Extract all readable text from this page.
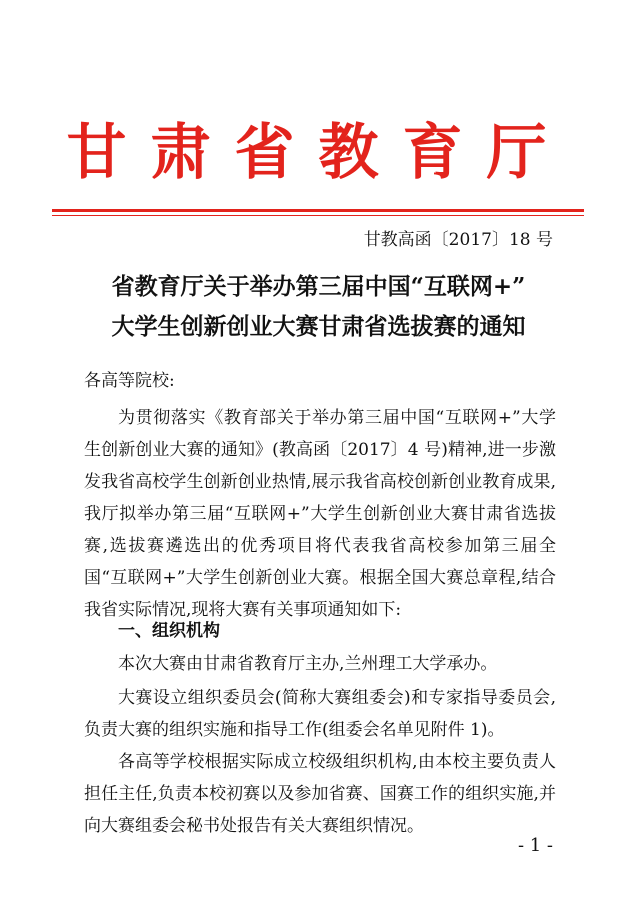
甘肃省教育厅
甘教高函〔2017〕18 号
省教育厅关于举办第三届中国“互联网+”
大学生创新创业大赛甘肃省选拔赛的通知
各高等院校:
为贯彻落实《教育部关于举办第三届中国“互联网+”大学生创新创业大赛的通知》(教高函〔2017〕4 号)精神,进一步激发我省高校学生创新创业热情,展示我省高校创新创业教育成果,我厅拟举办第三届“互联网+”大学生创新创业大赛甘肃省选拔赛,选拔赛遴选出的优秀项目将代表我省高校参加第三届全国“互联网+”大学生创新创业大赛。根据全国大赛总章程,结合我省实际情况,现将大赛有关事项通知如下:
一、组织机构
本次大赛由甘肃省教育厅主办,兰州理工大学承办。
大赛设立组织委员会(简称大赛组委会)和专家指导委员会,负责大赛的组织实施和指导工作(组委会名单见附件 1)。
各高等学校根据实际成立校级组织机构,由本校主要负责人担任主任,负责本校初赛以及参加省赛、国赛工作的组织实施,并向大赛组委会秘书处报告有关大赛组织情况。
- 1 -
